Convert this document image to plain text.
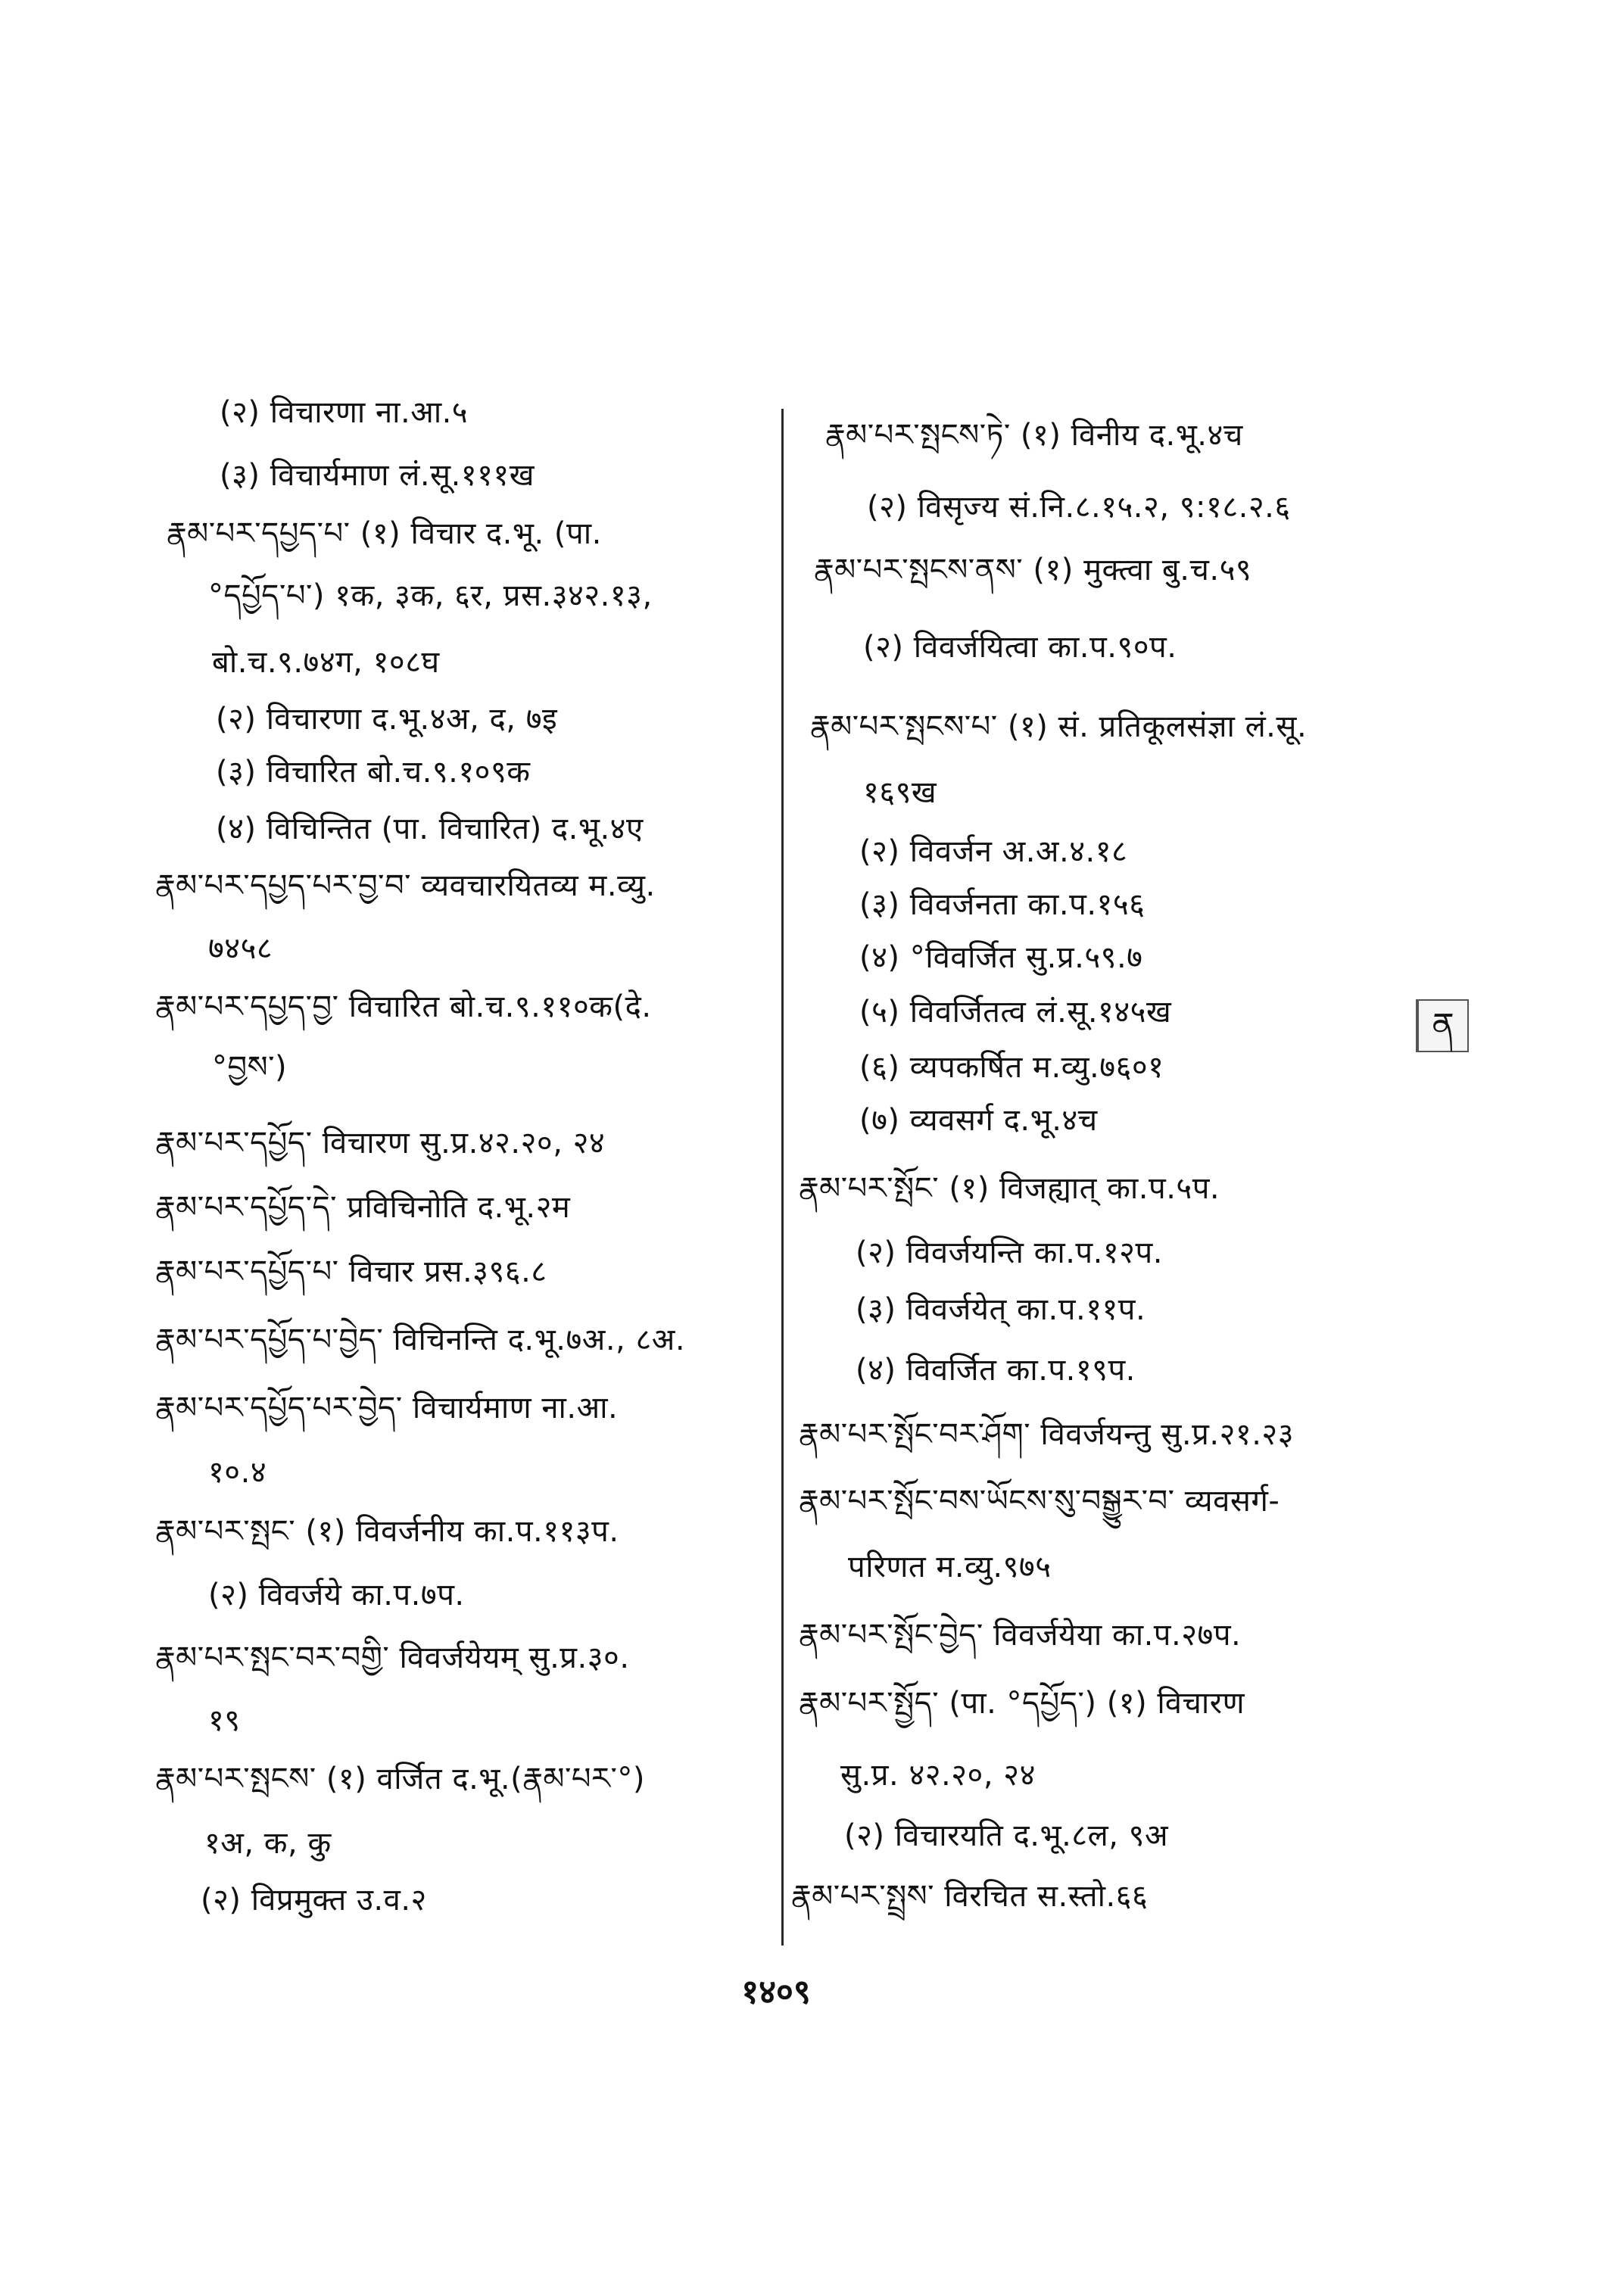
(२) विचारणा ना.आ.५
(३) विचार्यमाण लं.सू.१११ख
རྣམ་པར་དཔྱད་པ་ (१) विचार द.भू. (पा.
°དཔྱོད་པ་) १क, ३क, ६र, प्रस.३४२.१३,
बो.च.९.७४ग, १०८घ
(२) विचारणा द.भू.४अ, द, ७इ
(३) विचारित बो.च.९.१०९क
(४) विचिन्तित (पा. विचारित) द.भू.४ए
རྣམ་པར་དཔྱད་པར་བྱ་བ་ व्यवचारयितव्य म.व्यु.
७४५८
རྣམ་པར་དཔྱད་བྱ་ विचारित बो.च.९.११०क(दे.
°བྱས་)
རྣམ་པར་དཔྱོད་ विचारण सु.प्र.४२.२०, २४
རྣམ་པར་དཔྱོད་དེ་ प्रविचिनोति द.भू.२म
རྣམ་པར་དཔྱོད་པ་ विचार प्रस.३९६.८
རྣམ་པར་དཔྱོད་པ་བྱེད་ विचिनन्ति द.भू.७अ., ८अ.
རྣམ་པར་དཔྱོད་པར་བྱེད་ विचार्यमाण ना.आ.
१०.४
རྣམ་པར་སྤང་ (१) विवर्जनीय का.प.११३प.
(२) विवर्जये का.प.७प.
རྣམ་པར་སྤང་བར་བགྱི་ विवर्जयेयम् सु.प्र.३०.
१९
རྣམ་པར་སྤངས་ (१) वर्जित द.भू.(རྣམ་པར་°)
१अ, क, कु
(२) विप्रमुक्त उ.व.२
རྣམ་པར་སྤངས་ཏེ་ (१) विनीय द.भू.४च
(२) विसृज्य सं.नि.८.१५.२, ९:१८.२.६
རྣམ་པར་སྤངས་ནས་ (१) मुक्त्वा बु.च.५९
(२) विवर्जयित्वा का.प.९०प.
རྣམ་པར་སྤངས་པ་ (१) सं. प्रतिकूलसंज्ञा लं.सू.
१६९ख
(२) विवर्जन अ.अ.४.१८
(३) विवर्जनता का.प.१५६
(४) °विवर्जित सु.प्र.५९.७
(५) विवर्जितत्व लं.सू.१४५ख
(६) व्यपकर्षित म.व्यु.७६०१
(७) व्यवसर्ग द.भू.४च
རྣམ་པར་སྤོང་ (१) विजह्यात् का.प.५प.
(२) विवर्जयन्ति का.प.१२प.
(३) विवर्जयेत् का.प.११प.
(४) विवर्जित का.प.१९प.
རྣམ་པར་སྤོང་བར་ཤོག་ विवर्जयन्तु सु.प्र.२१.२३
རྣམ་པར་སྤོང་བས་ཡོངས་སུ་བསྒྱུར་བ་ व्यवसर्ग-
परिणत म.व्यु.९७५
རྣམ་པར་སྤོང་བྱེད་ विवर्जयेया का.प.२७प.
རྣམ་པར་སྤྱོད་ (पा. °དཔྱོད་) (१) विचारण
सु.प्र. ४२.२०, २४
(२) विचारयति द.भू.८ल, ९अ
རྣམ་པར་སྤྲས་ विरचित स.स्तो.६६
१४०९
ན
